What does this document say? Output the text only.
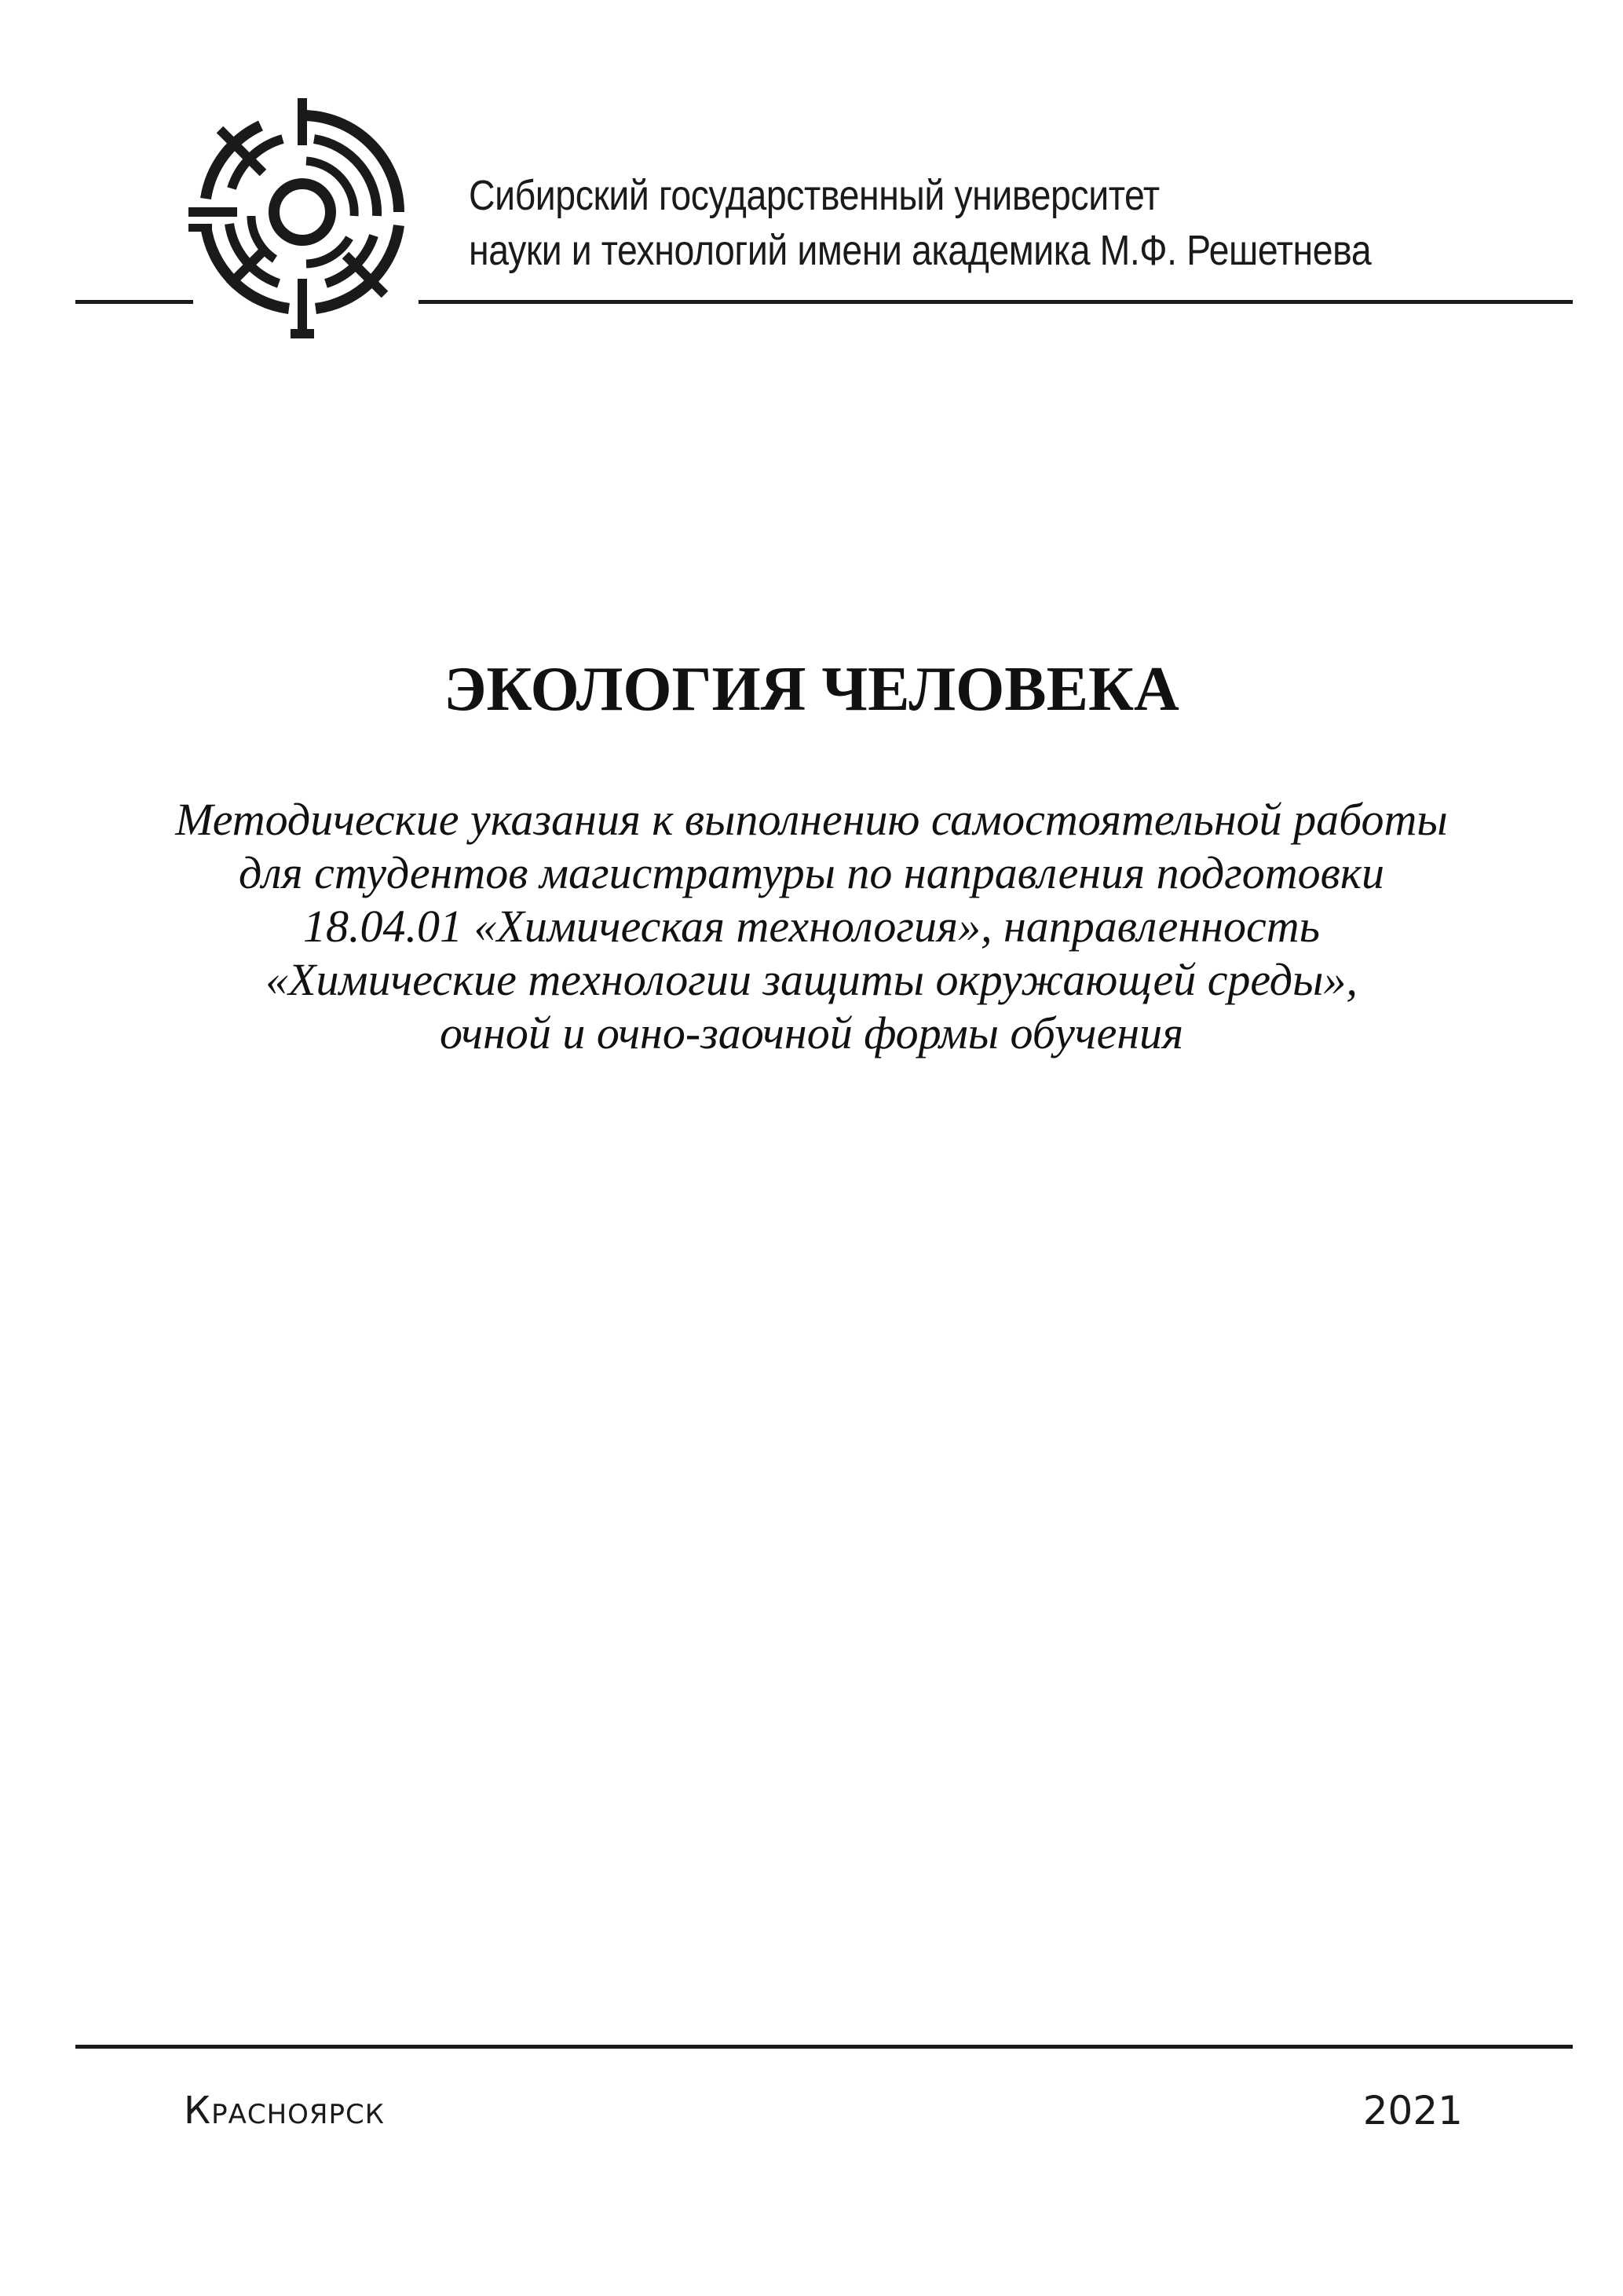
Сибирский государственный университет
науки и технологий имени академика М.Ф. Решетнева
ЭКОЛОГИЯ ЧЕЛОВЕКА
Методические указания к выполнению самостоятельной работы
для студентов магистратуры по направления подготовки
18.04.01 «Химическая технология», направленность
«Химические технологии защиты окружающей среды»,
очной и очно-заочной формы обучения
Красноярск	2021
